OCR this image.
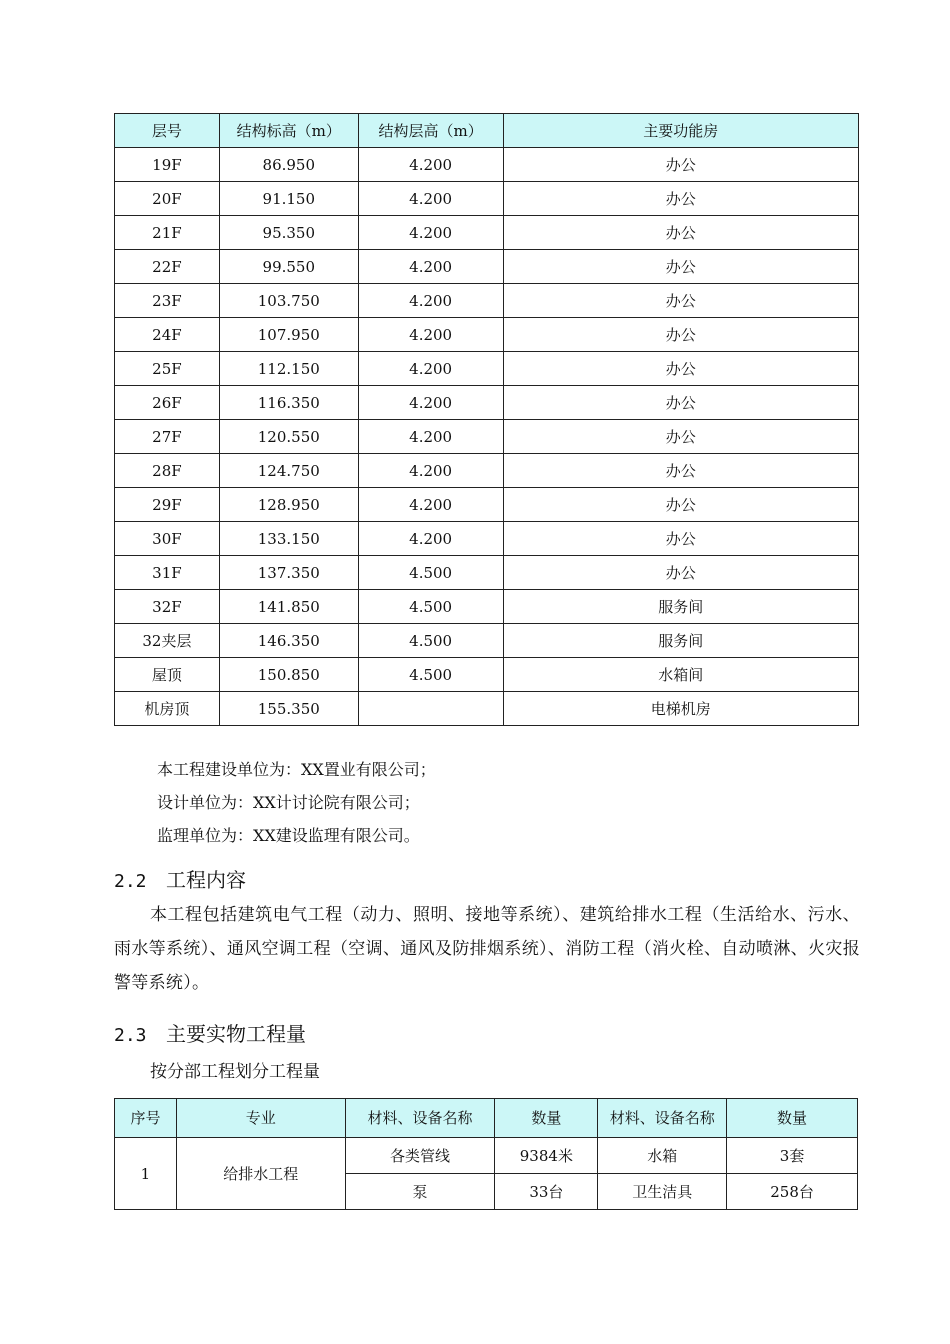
层号	结构标高（m）	结构层高（m）	主要功能房
19F	86.950	4.200	办公
20F	91.150	4.200	办公
21F	95.350	4.200	办公
22F	99.550	4.200	办公
23F	103.750	4.200	办公
24F	107.950	4.200	办公
25F	112.150	4.200	办公
26F	116.350	4.200	办公
27F	120.550	4.200	办公
28F	124.750	4.200	办公
29F	128.950	4.200	办公
30F	133.150	4.200	办公
31F	137.350	4.500	办公
32F	141.850	4.500	服务间
32夹层	146.350	4.500	服务间
屋顶	150.850	4.500	水箱间
机房顶	155.350		电梯机房
本工程建设单位为：XX置业有限公司；
设计单位为：XX计讨论院有限公司；
监理单位为：XX建设监理有限公司。
2.2 工程内容
本工程包括建筑电气工程（动力、照明、接地等系统）、建筑给排水工程（生活给水、污水、雨水等系统）、通风空调工程（空调、通风及防排烟系统）、消防工程（消火栓、自动喷淋、火灾报警等系统）。
2.3 主要实物工程量
按分部工程划分工程量
序号	专业	材料、设备名称	数量	材料、设备名称	数量
1	给排水工程	各类管线	9384米	水箱	3套
		泵	33台	卫生洁具	258台
